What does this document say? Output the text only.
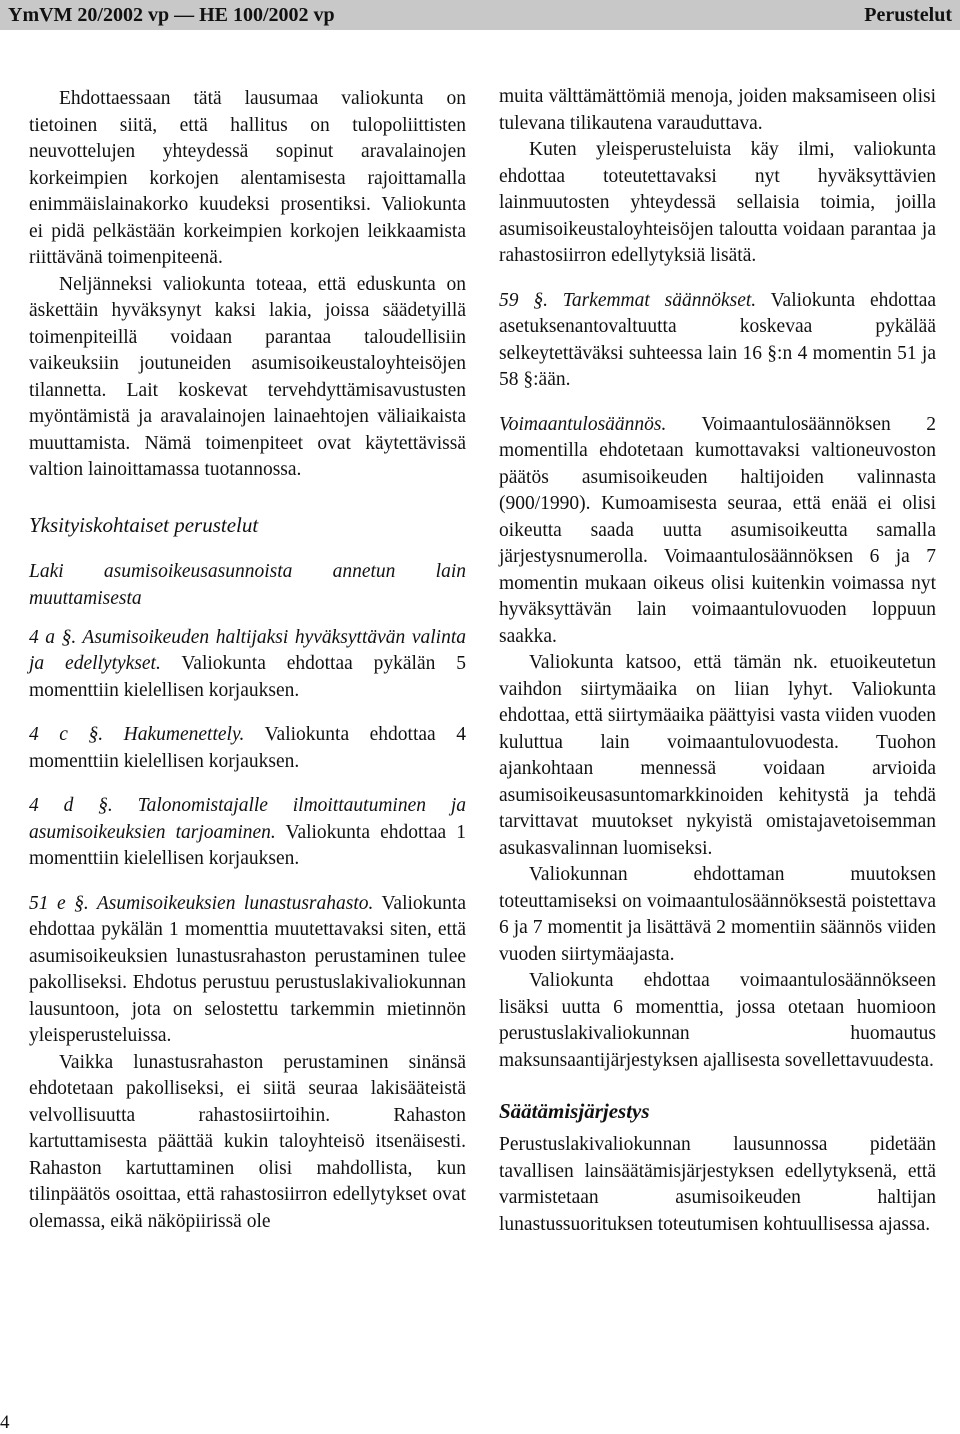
YmVM 20/2002 vp — HE 100/2002 vp	Perustelut

Ehdottaessaan tätä lausumaa valiokunta on tietoinen siitä, että hallitus on tulopoliittisten neuvottelujen yhteydessä sopinut aravalainojen korkeimpien korkojen alentamisesta rajoittamalla enimmäislainakorko kuudeksi prosentiksi. Valiokunta ei pidä pelkästään korkeimpien korkojen leikkaamista riittävänä toimenpiteenä.

Neljänneksi valiokunta toteaa, että eduskunta on äskettäin hyväksynyt kaksi lakia, joissa säädetyillä toimenpiteillä voidaan parantaa taloudellisiin vaikeuksiin joutuneiden asumisoikeustaloyhteisöjen tilannetta. Lait koskevat tervehdyttämisavustusten myöntämistä ja aravalainojen lainaehtojen väliaikaista muuttamista. Nämä toimenpiteet ovat käytettävissä valtion lainoittamassa tuotannossa.

Yksityiskohtaiset perustelut
Laki asumisoikeusasunnoista annetun lain muuttamisesta

4 a §. Asumisoikeuden haltijaksi hyväksyttävän valinta ja edellytykset. Valiokunta ehdottaa pykälän 5 momenttiin kielellisen korjauksen.

4 c §. Hakumenettely. Valiokunta ehdottaa 4 momenttiin kielellisen korjauksen.

4 d §. Talonomistajalle ilmoittautuminen ja asumisoikeuksien tarjoaminen. Valiokunta ehdottaa 1 momenttiin kielellisen korjauksen.

51 e §. Asumisoikeuksien lunastusrahasto. Valiokunta ehdottaa pykälän 1 momenttia muutettavaksi siten, että asumisoikeuksien lunastusrahaston perustaminen tulee pakolliseksi. Ehdotus perustuu perustuslakivaliokunnan lausuntoon, jota on selostettu tarkemmin mietinnön yleisperusteluissa.

Vaikka lunastusrahaston perustaminen sinänsä ehdotetaan pakolliseksi, ei siitä seuraa lakisääteistä velvollisuutta rahastosiirtoihin. Rahaston kartuttamisesta päättää kukin taloyhteisö itsenäisesti. Rahaston kartuttaminen olisi mahdollista, kun tilinpäätös osoittaa, että rahastosiirron edellytykset ovat olemassa, eikä näköpiirissä ole

muita välttämättömiä menoja, joiden maksamiseen olisi tulevana tilikautena varauduttava.

Kuten yleisperusteluista käy ilmi, valiokunta ehdottaa toteutettavaksi nyt hyväksyttävien lainmuutosten yhteydessä sellaisia toimia, joilla asumisoikeustaloyhteisöjen taloutta voidaan parantaa ja rahastosiirron edellytyksiä lisätä.

59 §. Tarkemmat säännökset. Valiokunta ehdottaa asetuksenantovaltuutta koskevaa pykälää selkeytettäväksi suhteessa lain 16 §:n 4 momentin 51 ja 58 §:ään.

Voimaantulosäännös. Voimaantulosäännöksen 2 momentilla ehdotetaan kumottavaksi valtioneuvoston päätös asumisoikeuden haltijoiden valinnasta (900/1990). Kumoamisesta seuraa, että enää ei olisi oikeutta saada uutta asumisoikeutta samalla järjestysnumerolla. Voimaantulosäännöksen 6 ja 7 momentin mukaan oikeus olisi kuitenkin voimassa nyt hyväksyttävän lain voimaantulovuoden loppuun saakka.

Valiokunta katsoo, että tämän nk. etuoikeutetun vaihdon siirtymäaika on liian lyhyt. Valiokunta ehdottaa, että siirtymäaika päättyisi vasta viiden vuoden kuluttua lain voimaantulovuodesta. Tuohon ajankohtaan mennessä voidaan arvioida asumisoikeusasuntomarkkinoiden kehitystä ja tehdä tarvittavat muutokset nykyistä omistajavetoisemman asukasvalinnan luomiseksi.

Valiokunnan ehdottaman muutoksen toteuttamiseksi on voimaantulosäännöksestä poistettava 6 ja 7 momentit ja lisättävä 2 momentiin säännös viiden vuoden siirtymäajasta.

Valiokunta ehdottaa voimaantulosäännökseen lisäksi uutta 6 momenttia, jossa otetaan huomioon perustuslakivaliokunnan huomautus maksunsaantijärjestyksen ajallisesta sovellettavuudesta.

Säätämisjärjestys

Perustuslakivaliokunnan lausunnossa pidetään tavallisen lainsäätämisjärjestyksen edellytyksenä, että varmistetaan asumisoikeuden haltijan lunastussuorituksen toteutumisen kohtuullisessa ajassa.

4
